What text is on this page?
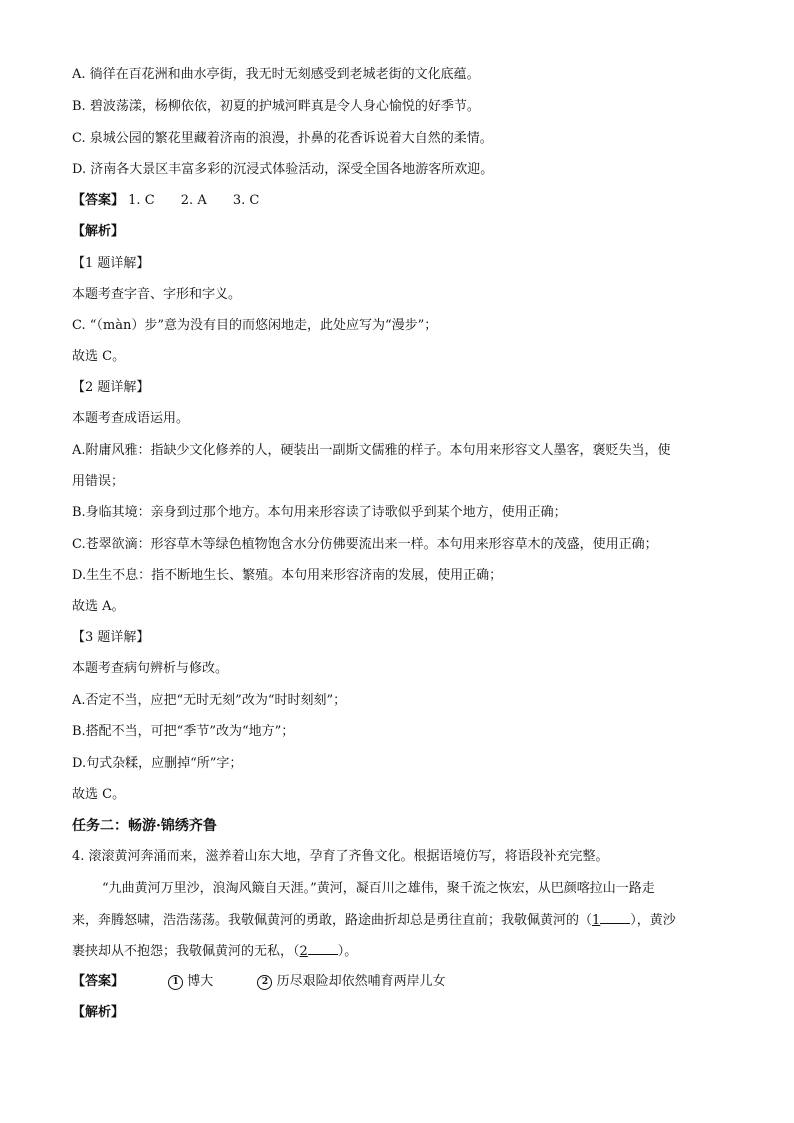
A. 徜徉在百花洲和曲水亭街，我无时无刻感受到老城老街的文化底蕴。
B. 碧波荡漾，杨柳依依，初夏的护城河畔真是令人身心愉悦的好季节。
C. 泉城公园的繁花里藏着济南的浪漫，扑鼻的花香诉说着大自然的柔情。
D. 济南各大景区丰富多彩的沉浸式体验活动，深受全国各地游客所欢迎。
【答案】 1. C 2. A 3. C
【解析】
【1 题详解】
本题考查字音、字形和字义。
C. “（màn）步”意为没有目的而悠闲地走，此处应写为“漫步”；
故选 C。
【2 题详解】
本题考查成语运用。
A.附庸风雅：指缺少文化修养的人，硬装出一副斯文儒雅的样子。本句用来形容文人墨客，褒贬失当，使
用错误；
B.身临其境：亲身到过那个地方。本句用来形容读了诗歌似乎到某个地方，使用正确；
C.苍翠欲滴：形容草木等绿色植物饱含水分仿佛要流出来一样。本句用来形容草木的茂盛，使用正确；
D.生生不息：指不断地生长、繁殖。本句用来形容济南的发展，使用正确；
故选 A。
【3 题详解】
本题考查病句辨析与修改。
A.否定不当，应把“无时无刻”改为“时时刻刻”；
B.搭配不当，可把“季节”改为“地方”；
D.句式杂糅，应删掉“所”字；
故选 C。
任务二：畅游·锦绣齐鲁
4. 滚滚黄河奔涌而来，滋养着山东大地，孕育了齐鲁文化。根据语境仿写，将语段补充完整。
“九曲黄河万里沙，浪淘风簸自天涯。”黄河，凝百川之雄伟，聚千流之恢宏，从巴颜喀拉山一路走
来，奔腾怒啸，浩浩荡荡。我敬佩黄河的勇敢，路途曲折却总是勇往直前；我敬佩黄河的（1 ），黄沙
裹挟却从不抱怨；我敬佩黄河的无私，（2 ）。
【答案】	1 博大	2 历尽艰险却依然哺育两岸儿女
【解析】
